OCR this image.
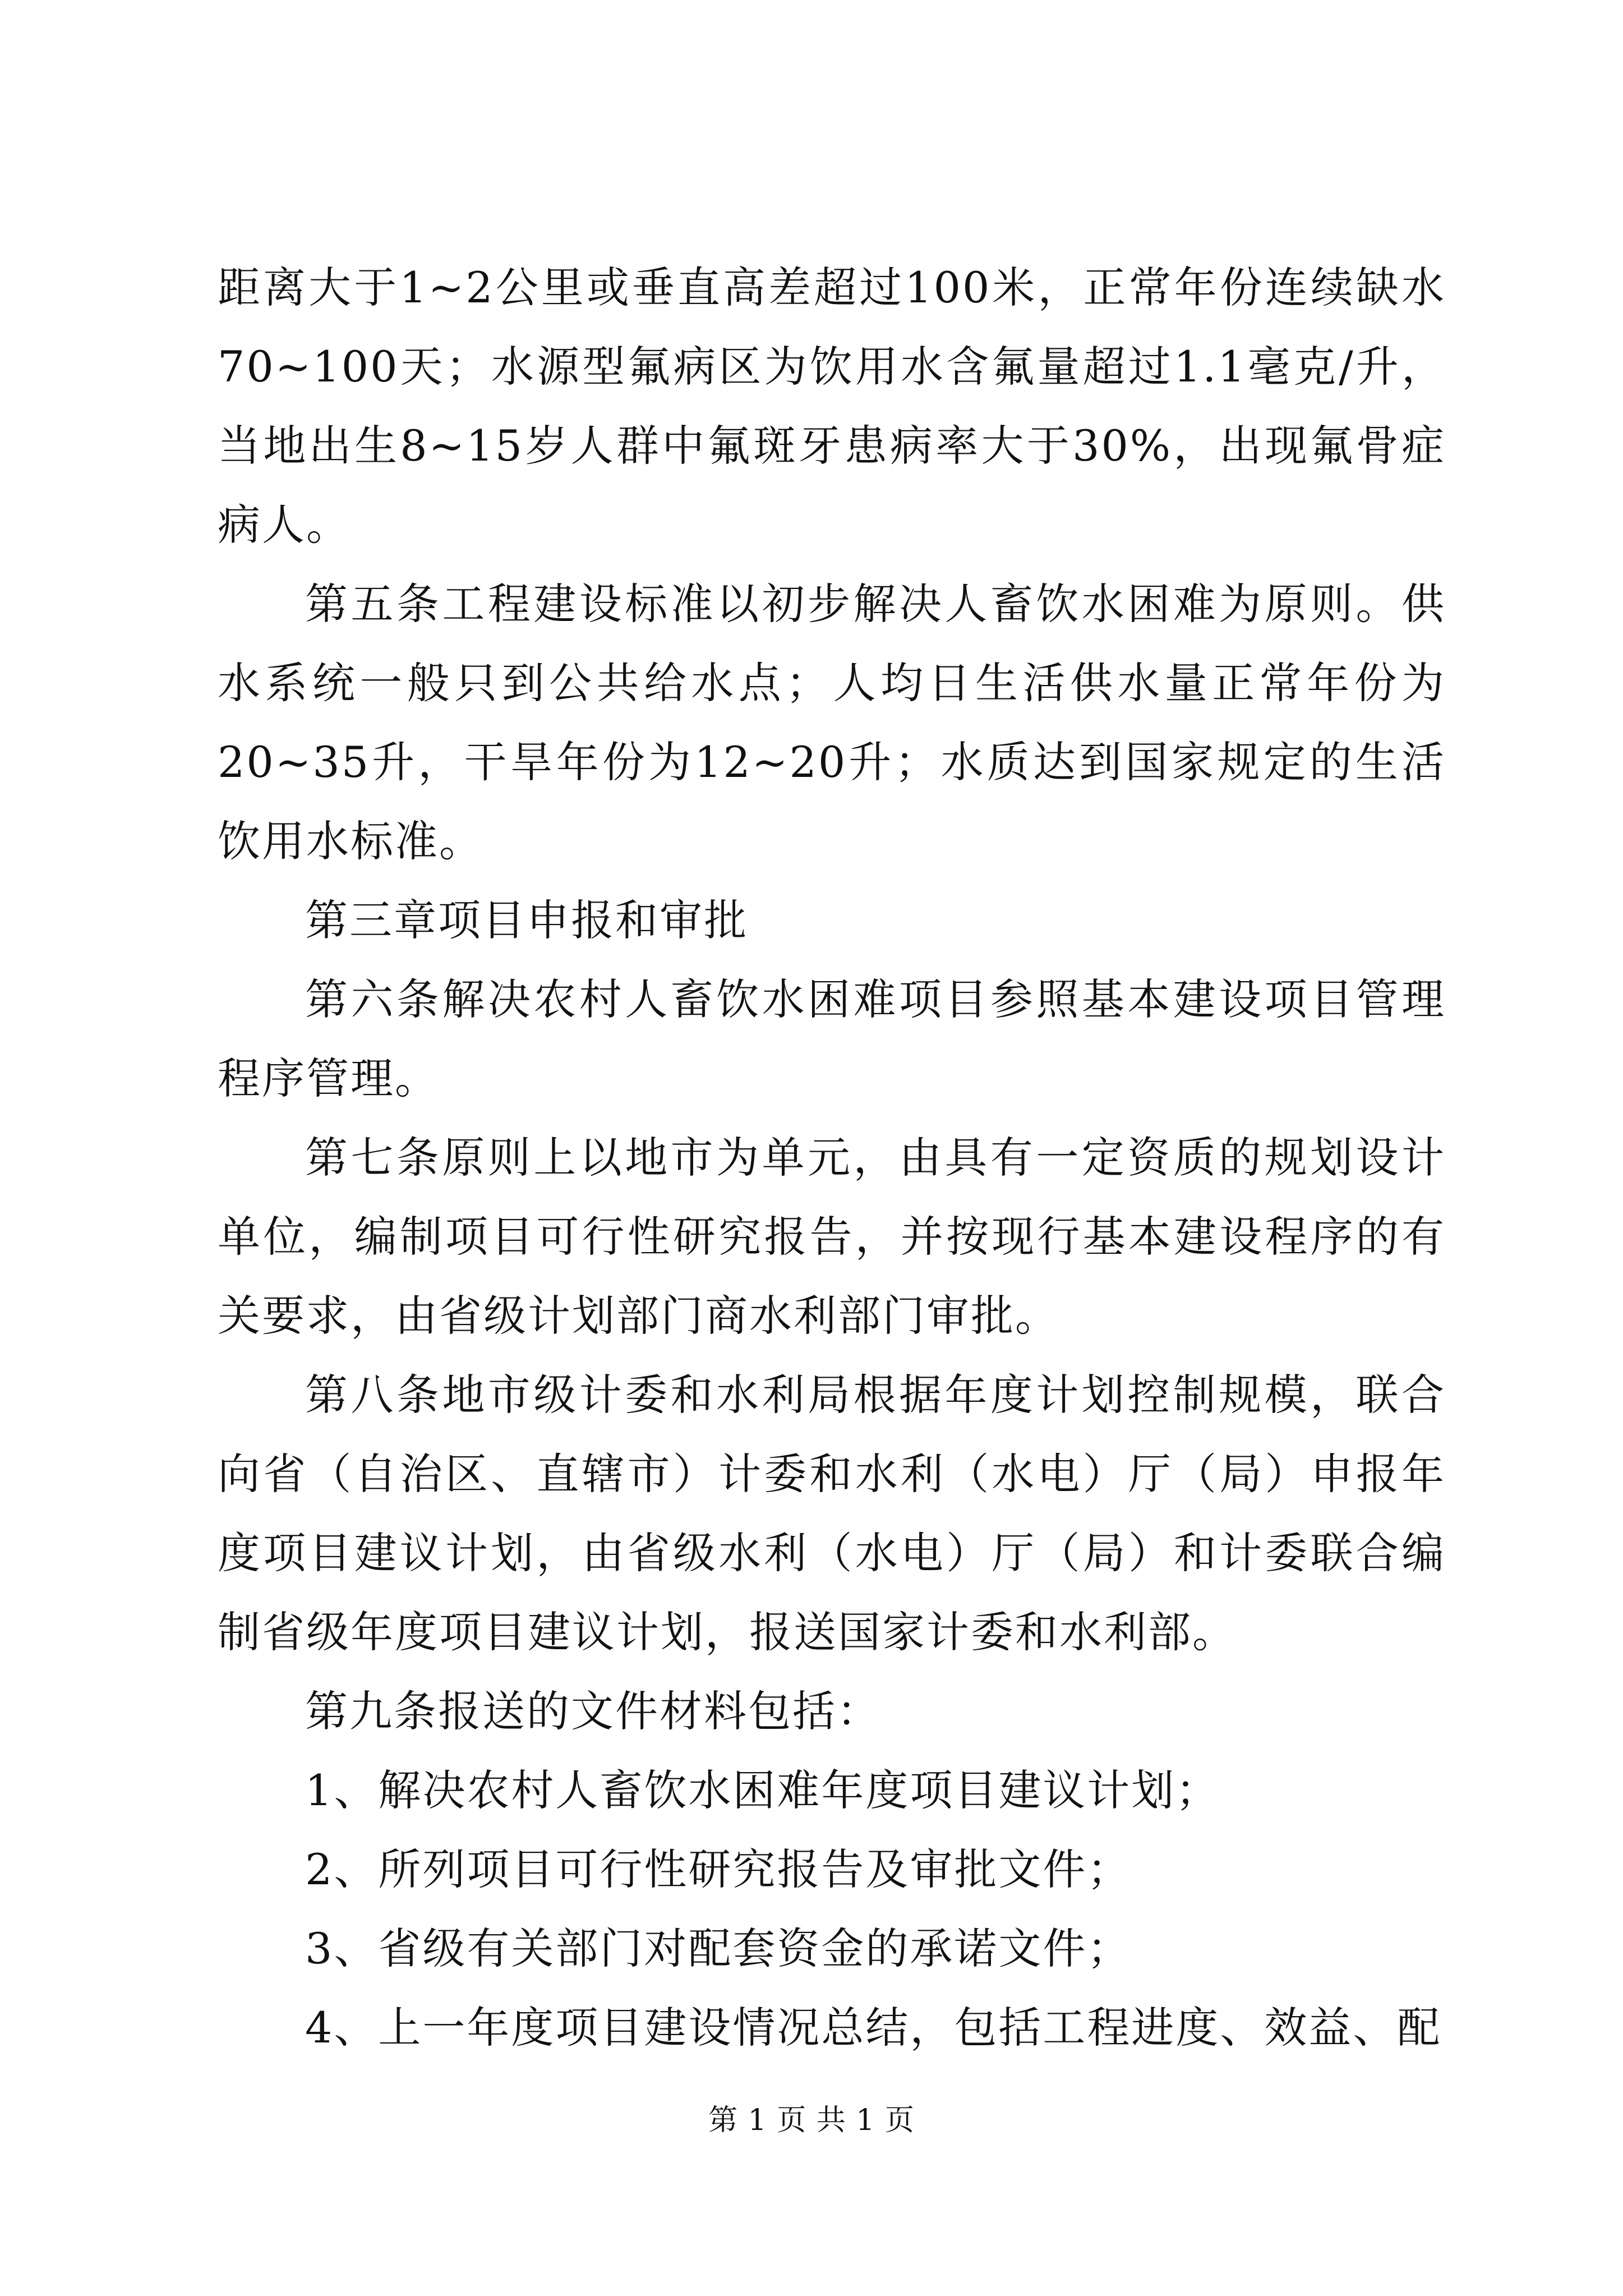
距离大于1~2公里或垂直高差超过100米，正常年份连续缺水70~100天；水源型氟病区为饮用水含氟量超过1.1毫克/升，当地出生8~15岁人群中氟斑牙患病率大于30%，出现氟骨症病人。

第五条工程建设标准以初步解决人畜饮水困难为原则。供水系统一般只到公共给水点；人均日生活供水量正常年份为20~35升，干旱年份为12~20升；水质达到国家规定的生活饮用水标准。

第三章项目申报和审批

第六条解决农村人畜饮水困难项目参照基本建设项目管理程序管理。

第七条原则上以地市为单元，由具有一定资质的规划设计单位，编制项目可行性研究报告，并按现行基本建设程序的有关要求，由省级计划部门商水利部门审批。

第八条地市级计委和水利局根据年度计划控制规模，联合向省（自治区、直辖市）计委和水利（水电）厅（局）申报年度项目建议计划，由省级水利（水电）厅（局）和计委联合编制省级年度项目建议计划，报送国家计委和水利部。

第九条报送的文件材料包括：

1、解决农村人畜饮水困难年度项目建议计划；

2、所列项目可行性研究报告及审批文件；

3、省级有关部门对配套资金的承诺文件；

4、上一年度项目建设情况总结，包括工程进度、效益、配

第 1 页 共 1 页
